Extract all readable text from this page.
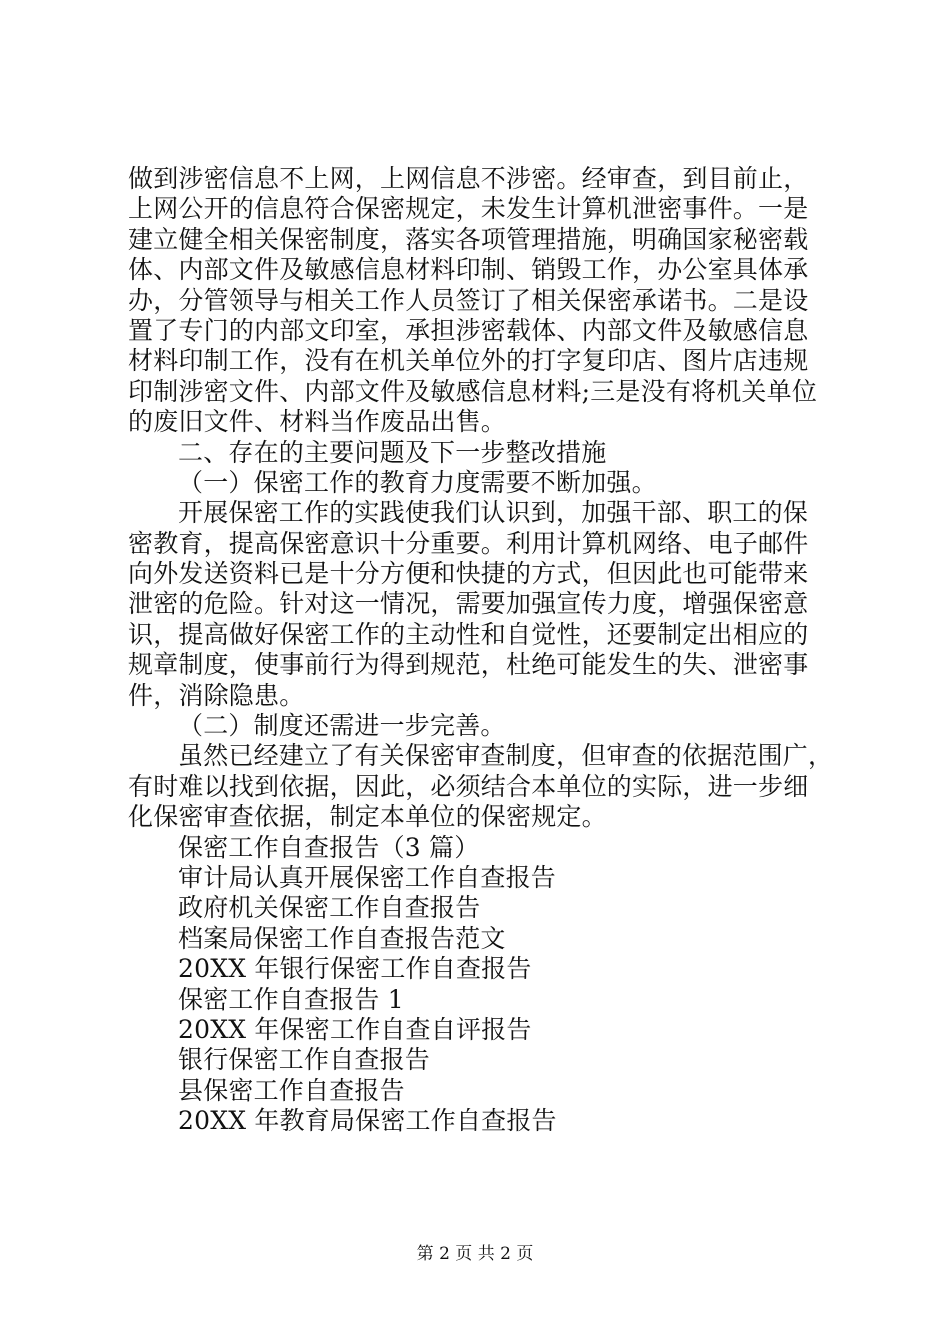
做到涉密信息不上网，上网信息不涉密。经审查，到目前止，
上网公开的信息符合保密规定，未发生计算机泄密事件。一是
建立健全相关保密制度，落实各项管理措施，明确国家秘密载
体、内部文件及敏感信息材料印制、销毁工作，办公室具体承
办，分管领导与相关工作人员签订了相关保密承诺书。二是设
置了专门的内部文印室，承担涉密载体、内部文件及敏感信息
材料印制工作，没有在机关单位外的打字复印店、图片店违规
印制涉密文件、内部文件及敏感信息材料;三是没有将机关单位
的废旧文件、材料当作废品出售。
二、存在的主要问题及下一步整改措施
（一）保密工作的教育力度需要不断加强。
开展保密工作的实践使我们认识到，加强干部、职工的保
密教育，提高保密意识十分重要。利用计算机网络、电子邮件
向外发送资料已是十分方便和快捷的方式，但因此也可能带来
泄密的危险。针对这一情况，需要加强宣传力度，增强保密意
识，提高做好保密工作的主动性和自觉性，还要制定出相应的
规章制度，使事前行为得到规范，杜绝可能发生的失、泄密事
件，消除隐患。
（二）制度还需进一步完善。
虽然已经建立了有关保密审查制度，但审查的依据范围广，
有时难以找到依据，因此，必须结合本单位的实际，进一步细
化保密审查依据，制定本单位的保密规定。
保密工作自查报告（3 篇）
审计局认真开展保密工作自查报告
政府机关保密工作自查报告
档案局保密工作自查报告范文
20XX 年银行保密工作自查报告
保密工作自查报告 1
20XX 年保密工作自查自评报告
银行保密工作自查报告
县保密工作自查报告
20XX 年教育局保密工作自查报告
第 2 页 共 2 页
